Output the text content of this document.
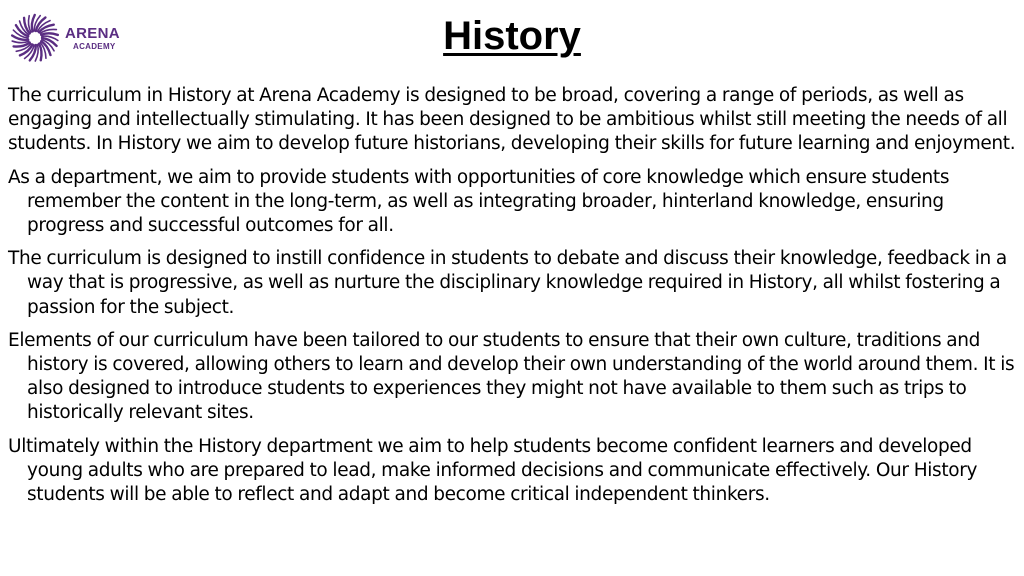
ARENA
ACADEMY	History

The curriculum in History at Arena Academy is designed to be broad, covering a range of periods, as well as engaging and intellectually stimulating. It has been designed to be ambitious whilst still meeting the needs of all students. In History we aim to develop future historians, developing their skills for future learning and enjoyment.

As a department, we aim to provide students with opportunities of core knowledge which ensure students remember the content in the long-term, as well as integrating broader, hinterland knowledge, ensuring progress and successful outcomes for all.

The curriculum is designed to instill confidence in students to debate and discuss their knowledge, feedback in a way that is progressive, as well as nurture the disciplinary knowledge required in History, all whilst fostering a passion for the subject.

Elements of our curriculum have been tailored to our students to ensure that their own culture, traditions and history is covered, allowing others to learn and develop their own understanding of the world around them. It is also designed to introduce students to experiences they might not have available to them such as trips to historically relevant sites.

Ultimately within the History department we aim to help students become confident learners and developed young adults who are prepared to lead, make informed decisions and communicate effectively. Our History students will be able to reflect and adapt and become critical independent thinkers.
